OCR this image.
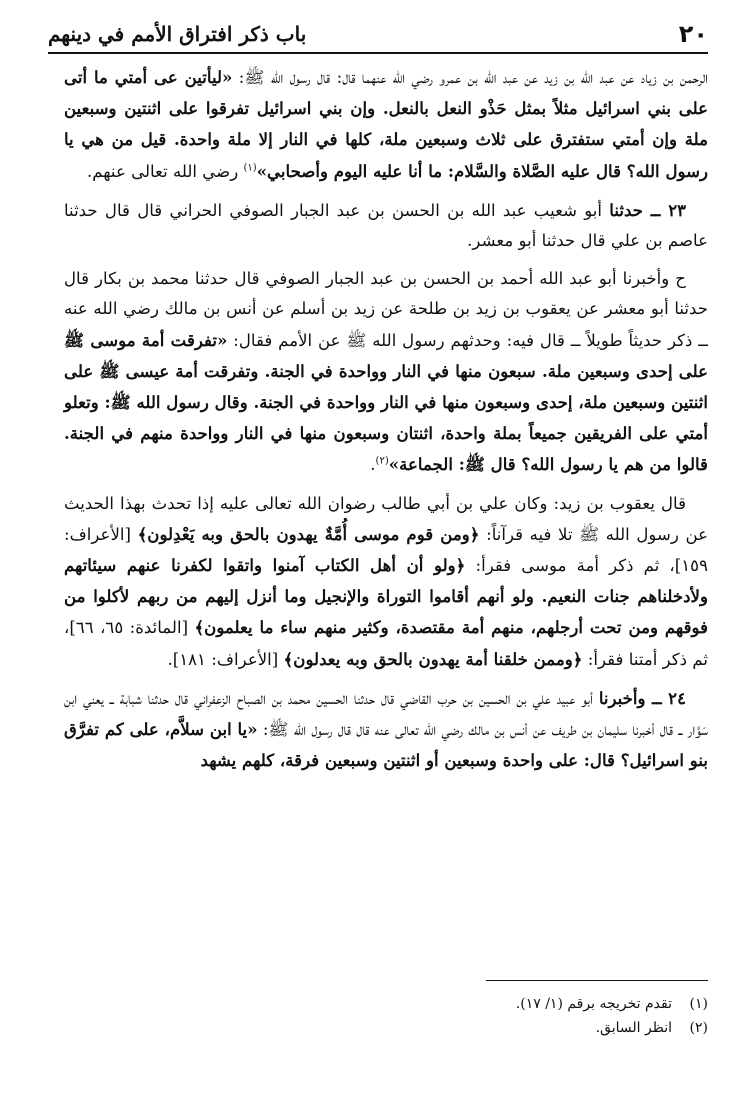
٢٠
باب ذكر افتراق الأمم في دينهم

الرحمن بن زياد عن عبد الله بن زيد عن عبد الله بن عمرو رضي الله عنهما قال: قال رسول الله ﷺ: «ليأتين عى أمتي ما أتى على بني اسرائيل مثلاً بمثل حَذْو النعل بالنعل. وإن بني اسرائيل تفرقوا على اثنتين وسبعين ملة وإن أمتي ستفترق على ثلاث وسبعين ملة، كلها في النار إلا ملة واحدة. قيل من هي يا رسول الله؟ قال عليه الصَّلاة والسَّلام: ما أنا عليه اليوم وأصحابي»$^{(١)}$ رضي الله تعالى عنهم.

٢٣ ــ حدثنا أبو شعيب عبد الله بن الحسن بن عبد الجبار الصوفي الحراني قال قال حدثنا عاصم بن علي قال حدثنا أبو معشر.

ح وأخبرنا أبو عبد الله أحمد بن الحسن بن عبد الجبار الصوفي قال حدثنا محمد بن بكار قال حدثنا أبو معشر عن يعقوب بن زيد بن طلحة عن زيد بن أسلم عن أنس بن مالك رضي الله عنه ــ ذكر حديثاً طويلاً ــ قال فيه: وحدثهم رسول الله ﷺ عن الأمم فقال: «تفرقت أمة موسى ﷺ على إحدى وسبعين ملة. سبعون منها في النار وواحدة في الجنة. وتفرقت أمة عيسى ﷺ على اثنتين وسبعين ملة، إحدى وسبعون منها في النار وواحدة في الجنة. وقال رسول الله ﷺ: وتعلو أمتي على الفريقين جميعاً بملة واحدة، اثنتان وسبعون منها في النار وواحدة منهم في الجنة. قالوا من هم يا رسول الله؟ قال ﷺ: الجماعة»$^{(٢)}$.

قال يعقوب بن زيد: وكان علي بن أبي طالب رضوان الله تعالى عليه إذا تحدث بهذا الحديث عن رسول الله ﷺ تلا فيه قرآناً: ﴿ومن قوم موسى أُمَّةٌ يهدون بالحق وبه يَعْدِلون﴾ [الأعراف: ١٥٩]، ثم ذكر أمة موسى فقرأ: ﴿ولو أن أهل الكتاب آمنوا واتقوا لكفرنا عنهم سيئاتهم ولأدخلناهم جنات النعيم. ولو أنهم أقاموا التوراة والإنجيل وما أنزل إليهم من ربهم لأكلوا من فوقهم ومن تحت أرجلهم، منهم أمة مقتصدة، وكثير منهم ساء ما يعلمون﴾ [المائدة: ٦٥، ٦٦]، ثم ذكر أمتنا فقرأ: ﴿وممن خلقنا أمة يهدون بالحق وبه يعدلون﴾ [الأعراف: ١٨١].

٢٤ ــ وأخبرنا أبو عبيد علي بن الحسين بن حرب القاضي قال حدثنا الحسين محمد بن الصباح الزعفراني قال حدثنا شبابة ــ يعني ابن سَوَّار ــ قال أخبرنا سليمان بن طريف عن أنس بن مالك رضي الله تعالى عنه قال قال رسول الله ﷺ: «يا ابن سلاَّم، على كم تفرَّق بنو اسرائيل؟ قال: على واحدة وسبعين أو اثنتين وسبعين فرقة، كلهم يشهد

(١)تقدم تخريجه برقم (١/ ١٧).
(٢)انظر السابق.
